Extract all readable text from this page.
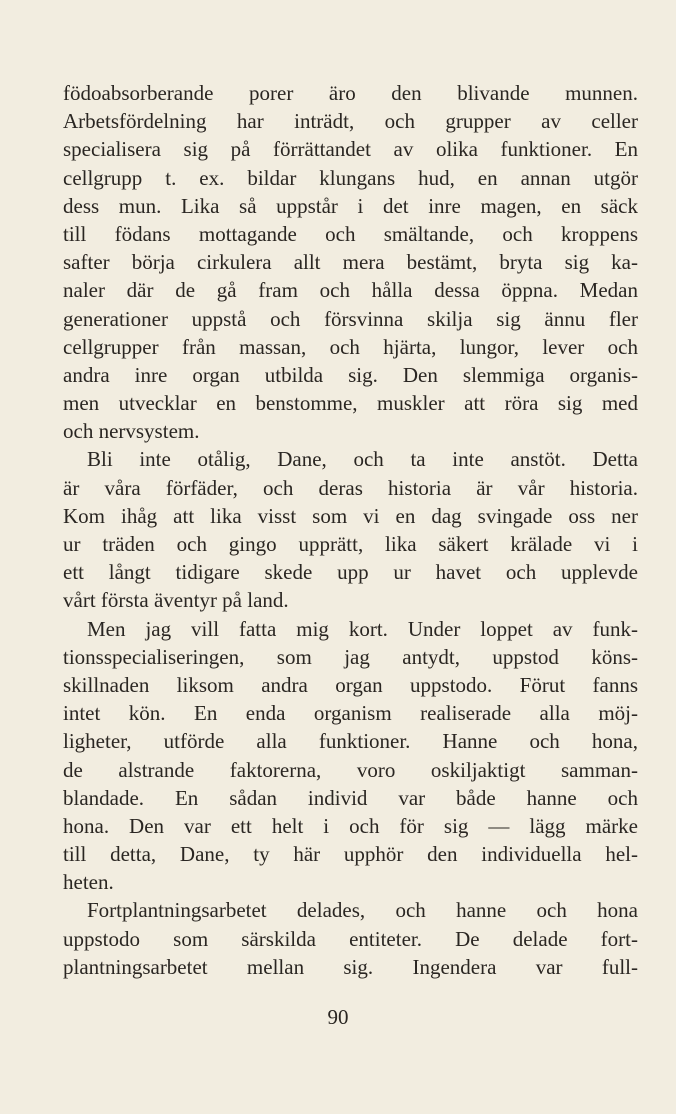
födoabsorberande porer äro den blivande munnen.
Arbetsfördelning har inträdt, och grupper av celler
specialisera sig på förrättandet av olika funktioner. En
cellgrupp t. ex. bildar klungans hud, en annan utgör
dess mun. Lika så uppstår i det inre magen, en säck
till födans mottagande och smältande, och kroppens
safter börja cirkulera allt mera bestämt, bryta sig ka-
naler där de gå fram och hålla dessa öppna. Medan
generationer uppstå och försvinna skilja sig ännu fler
cellgrupper från massan, och hjärta, lungor, lever och
andra inre organ utbilda sig. Den slemmiga organis-
men utvecklar en benstomme, muskler att röra sig med
och nervsystem.
Bli inte otålig, Dane, och ta inte anstöt. Detta
är våra förfäder, och deras historia är vår historia.
Kom ihåg att lika visst som vi en dag svingade oss ner
ur träden och gingo upprätt, lika säkert krälade vi i
ett långt tidigare skede upp ur havet och upplevde
vårt första äventyr på land.
Men jag vill fatta mig kort. Under loppet av funk-
tionsspecialiseringen, som jag antydt, uppstod köns-
skillnaden liksom andra organ uppstodo. Förut fanns
intet kön. En enda organism realiserade alla möj-
ligheter, utförde alla funktioner. Hanne och hona,
de alstrande faktorerna, voro oskiljaktigt samman-
blandade. En sådan individ var både hanne och
hona. Den var ett helt i och för sig — lägg märke
till detta, Dane, ty här upphör den individuella hel-
heten.
Fortplantningsarbetet delades, och hanne och hona
uppstodo som särskilda entiteter. De delade fort-
plantningsarbetet mellan sig. Ingendera var full-
90
